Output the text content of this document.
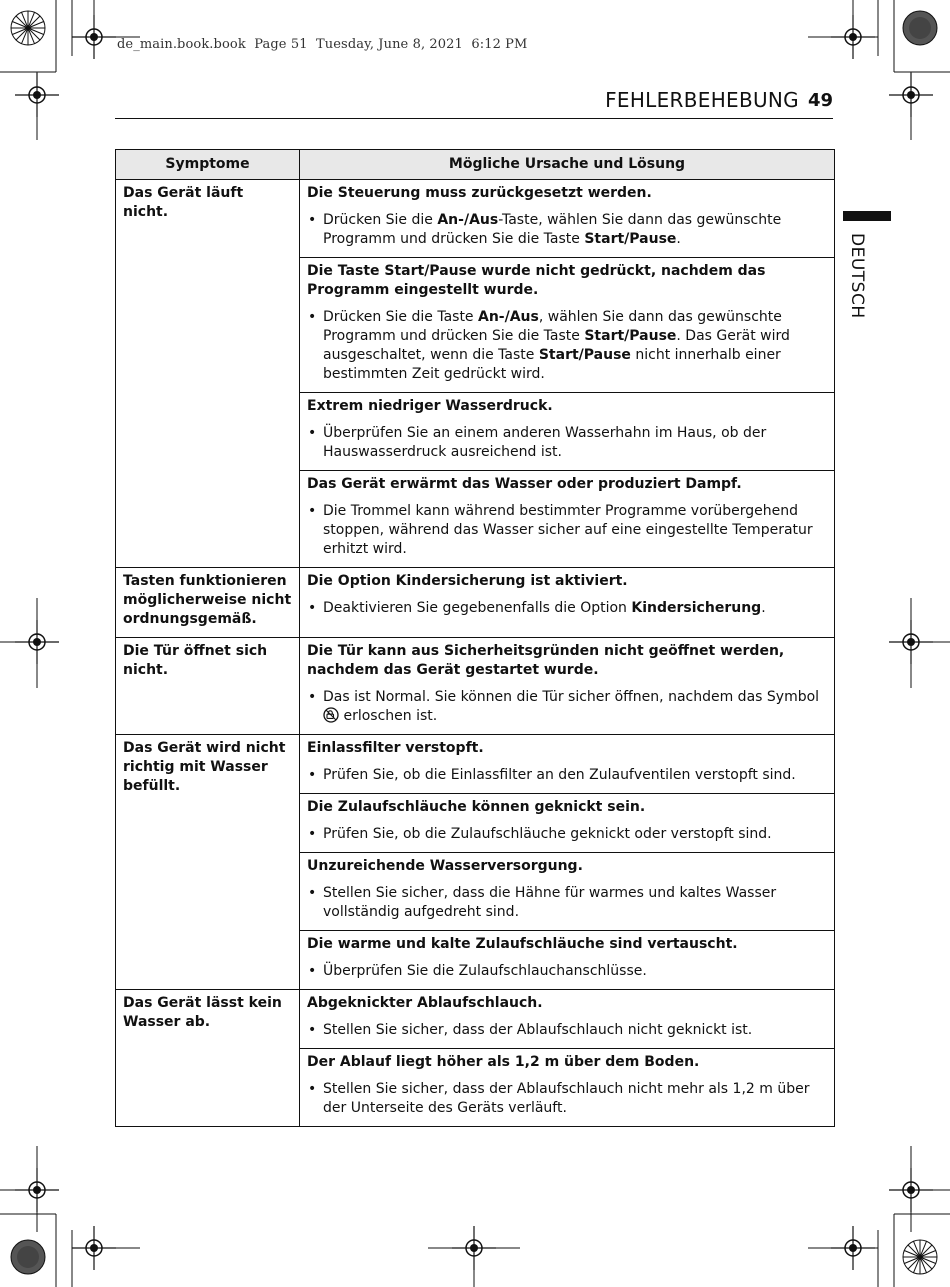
de_main.book.book  Page 51  Tuesday, June 8, 2021  6:12 PM
FEHLERBEHEBUNG 49
DEUTSCH
Symptome	Mögliche Ursache und Lösung
Das Gerät läuft nicht.	Die Steuerung muss zurückgesetzt werden.
• Drücken Sie die An-/Aus-Taste, wählen Sie dann das gewünschte Programm und drücken Sie die Taste Start/Pause.

	Die Taste Start/Pause wurde nicht gedrückt, nachdem das Programm eingestellt wurde.
• Drücken Sie die Taste An-/Aus, wählen Sie dann das gewünschte Programm und drücken Sie die Taste Start/Pause. Das Gerät wird ausgeschaltet, wenn die Taste Start/Pause nicht innerhalb einer bestimmten Zeit gedrückt wird.

	Extrem niedriger Wasserdruck.
• Überprüfen Sie an einem anderen Wasserhahn im Haus, ob der Hauswasserdruck ausreichend ist.

	Das Gerät erwärmt das Wasser oder produziert Dampf.
• Die Trommel kann während bestimmter Programme vorübergehend stoppen, während das Wasser sicher auf eine eingestellte Temperatur erhitzt wird.

Tasten funktionieren möglicherweise nicht ordnungsgemäß.	Die Option Kindersicherung ist aktiviert.
• Deaktivieren Sie gegebenenfalls die Option Kindersicherung.

Die Tür öffnet sich nicht.	Die Tür kann aus Sicherheitsgründen nicht geöffnet werden, nachdem das Gerät gestartet wurde.
• Das ist Normal. Sie können die Tür sicher öffnen, nachdem das Symbol  erloschen ist.

Das Gerät wird nicht richtig mit Wasser befüllt.	Einlassfilter verstopft.
• Prüfen Sie, ob die Einlassfilter an den Zulaufventilen verstopft sind.

	Die Zulaufschläuche können geknickt sein.
• Prüfen Sie, ob die Zulaufschläuche geknickt oder verstopft sind.

	Unzureichende Wasserversorgung.
• Stellen Sie sicher, dass die Hähne für warmes und kaltes Wasser vollständig aufgedreht sind.

	Die warme und kalte Zulaufschläuche sind vertauscht.
• Überprüfen Sie die Zulaufschlauchanschlüsse.

Das Gerät lässt kein Wasser ab.	Abgeknickter Ablaufschlauch.
• Stellen Sie sicher, dass der Ablaufschlauch nicht geknickt ist.

	Der Ablauf liegt höher als 1,2 m über dem Boden.
• Stellen Sie sicher, dass der Ablaufschlauch nicht mehr als 1,2 m über der Unterseite des Geräts verläuft.
